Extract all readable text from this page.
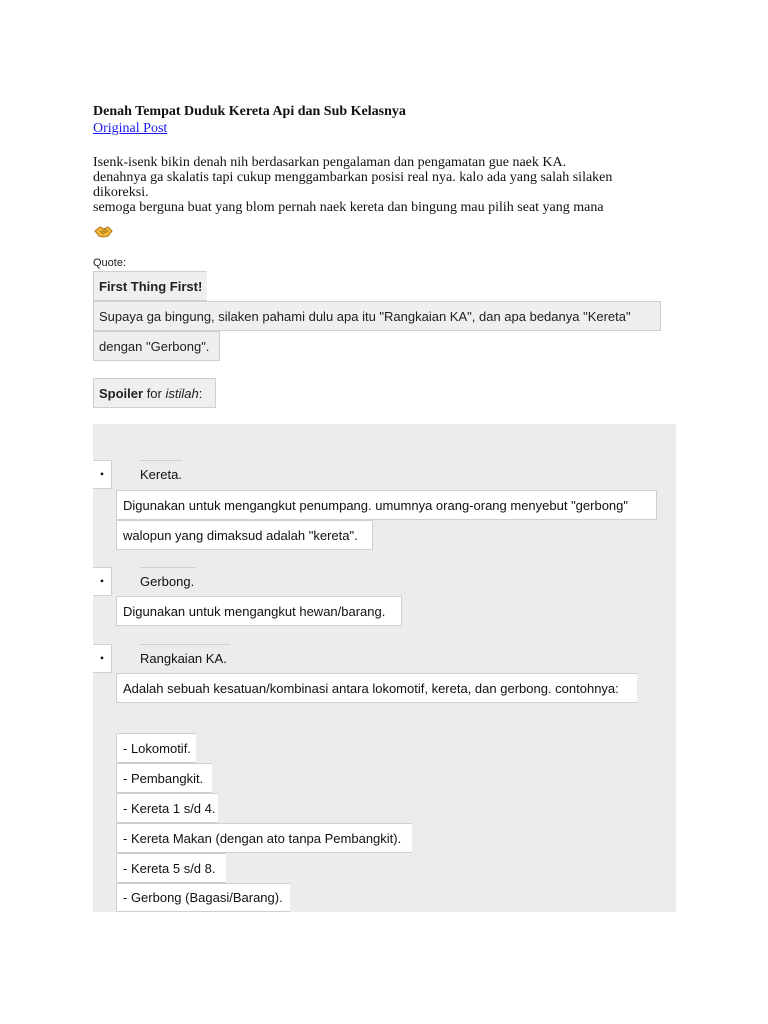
Denah Tempat Duduk Kereta Api dan Sub Kelasnya
Original Post
Isenk-isenk bikin denah nih berdasarkan pengalaman dan pengamatan gue naek KA.
denahnya ga skalatis tapi cukup menggambarkan posisi real nya. kalo ada yang salah silaken
dikoreksi.
semoga berguna buat yang blom pernah naek kereta dan bingung mau pilih seat yang mana
Quote:
First Thing First!
Supaya ga bingung, silaken pahami dulu apa itu "Rangkaian KA", dan apa bedanya "Kereta"
dengan "Gerbong".
Spoiler for istilah :
•	Kereta.
Digunakan untuk mengangkut penumpang. umumnya orang-orang menyebut "gerbong"
walopun yang dimaksud adalah "kereta".
•	Gerbong.
Digunakan untuk mengangkut hewan/barang.
•	Rangkaian KA.
Adalah sebuah kesatuan/kombinasi antara lokomotif, kereta, dan gerbong. contohnya:
- Lokomotif.
- Pembangkit.
- Kereta 1 s/d 4.
- Kereta Makan (dengan ato tanpa Pembangkit).
- Kereta 5 s/d 8.
- Gerbong (Bagasi/Barang).
